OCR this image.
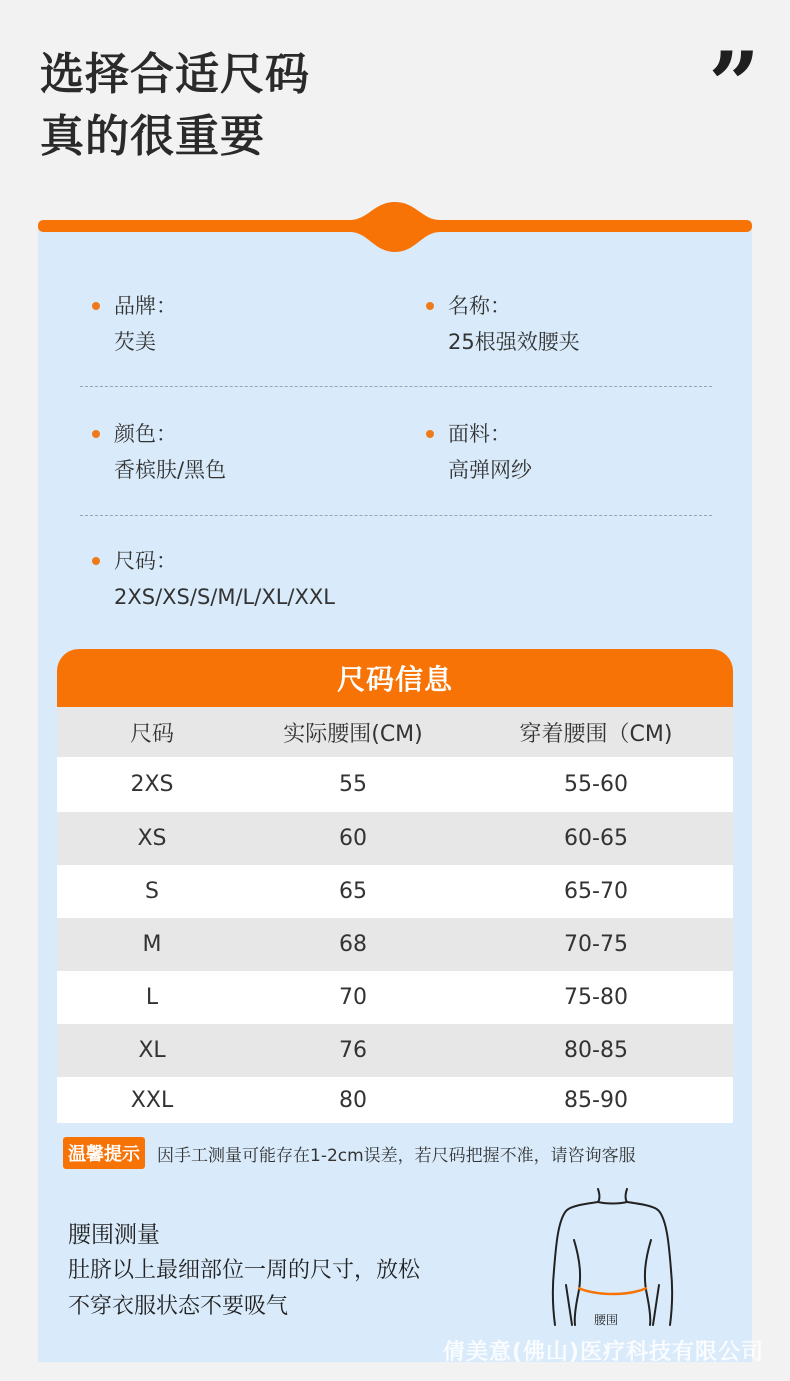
选择合适尺码
真的很重要	”
品牌：
芡美
名称：
25根强效腰夹
颜色：
香槟肤/黑色
面料：
高弹网纱
尺码：
2XS/XS/S/M/L/XL/XXL
尺码信息
尺码	实际腰围(CM)	穿着腰围（CM)
2XS	55	55-60
XS	60	60-65
S	65	65-70
M	68	70-75
L	70	75-80
XL	76	80-85
XXL	80	85-90
温馨提示 因手工测量可能存在1-2cm误差，若尺码把握不准，请咨询客服
腰围测量
肚脐以上最细部位一周的尺寸，放松
不穿衣服状态不要吸气
腰围
倩美意(佛山)医疗科技有限公司
